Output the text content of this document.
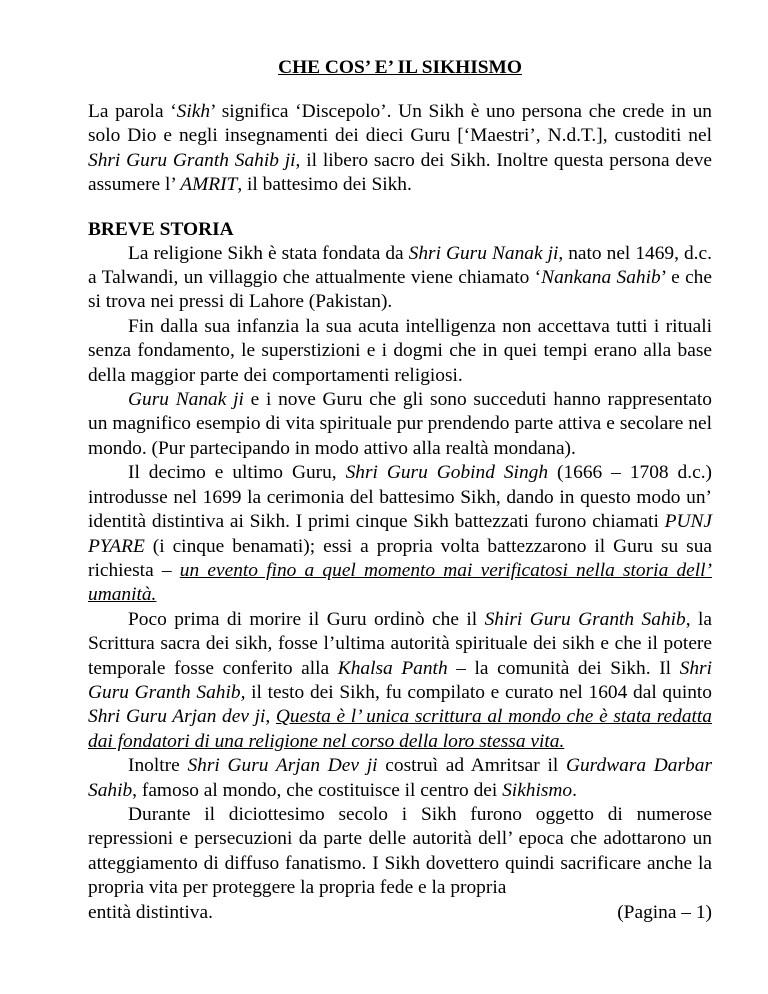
CHE COS’ E’ IL SIKHISMO

La parola ‘Sikh’ significa ‘Discepolo’. Un Sikh è uno persona che crede in un solo Dio e negli insegnamenti dei dieci Guru [‘Maestri’, N.d.T.], custoditi nel Shri Guru Granth Sahib ji, il libero sacro dei Sikh. Inoltre questa persona deve assumere l’ AMRIT, il battesimo dei Sikh.

BREVE STORIA

La religione Sikh è stata fondata da Shri Guru Nanak ji, nato nel 1469, d.c. a Talwandi, un villaggio che attualmente viene chiamato ‘Nankana Sahib’ e che si trova nei pressi di Lahore (Pakistan).

Fin dalla sua infanzia la sua acuta intelligenza non accettava tutti i rituali senza fondamento, le superstizioni e i dogmi che in quei tempi erano alla base della maggior parte dei comportamenti religiosi.

Guru Nanak ji e i nove Guru che gli sono succeduti hanno rappresentato un magnifico esempio di vita spirituale pur prendendo parte attiva e secolare nel mondo. (Pur partecipando in modo attivo alla realtà mondana).

Il decimo e ultimo Guru, Shri Guru Gobind Singh (1666 – 1708 d.c.) introdusse nel 1699 la cerimonia del battesimo Sikh, dando in questo modo un’ identità distintiva ai Sikh. I primi cinque Sikh battezzati furono chiamati PUNJ PYARE (i cinque benamati); essi a propria volta battezzarono il Guru su sua richiesta – un evento fino a quel momento mai verificatosi nella storia dell’ umanità.

Poco prima di morire il Guru ordinò che il Shiri Guru Granth Sahib, la Scrittura sacra dei sikh, fosse l’ultima autorità spirituale dei sikh e che il potere temporale fosse conferito alla Khalsa Panth – la comunità dei Sikh. Il Shri Guru Granth Sahib, il testo dei Sikh, fu compilato e curato nel 1604 dal quinto Shri Guru Arjan dev ji, Questa è l’ unica scrittura al mondo che è stata redatta dai fondatori di una religione nel corso della loro stessa vita.

Inoltre Shri Guru Arjan Dev ji costruì ad Amritsar il Gurdwara Darbar Sahib, famoso al mondo, che costituisce il centro dei Sikhismo.

Durante il diciottesimo secolo i Sikh furono oggetto di numerose repressioni e persecuzioni da parte delle autorità dell’ epoca che adottarono un atteggiamento di diffuso fanatismo. I Sikh dovettero quindi sacrificare anche la propria vita per proteggere la propria fede e la propria

entità distintiva.	(Pagina – 1)
